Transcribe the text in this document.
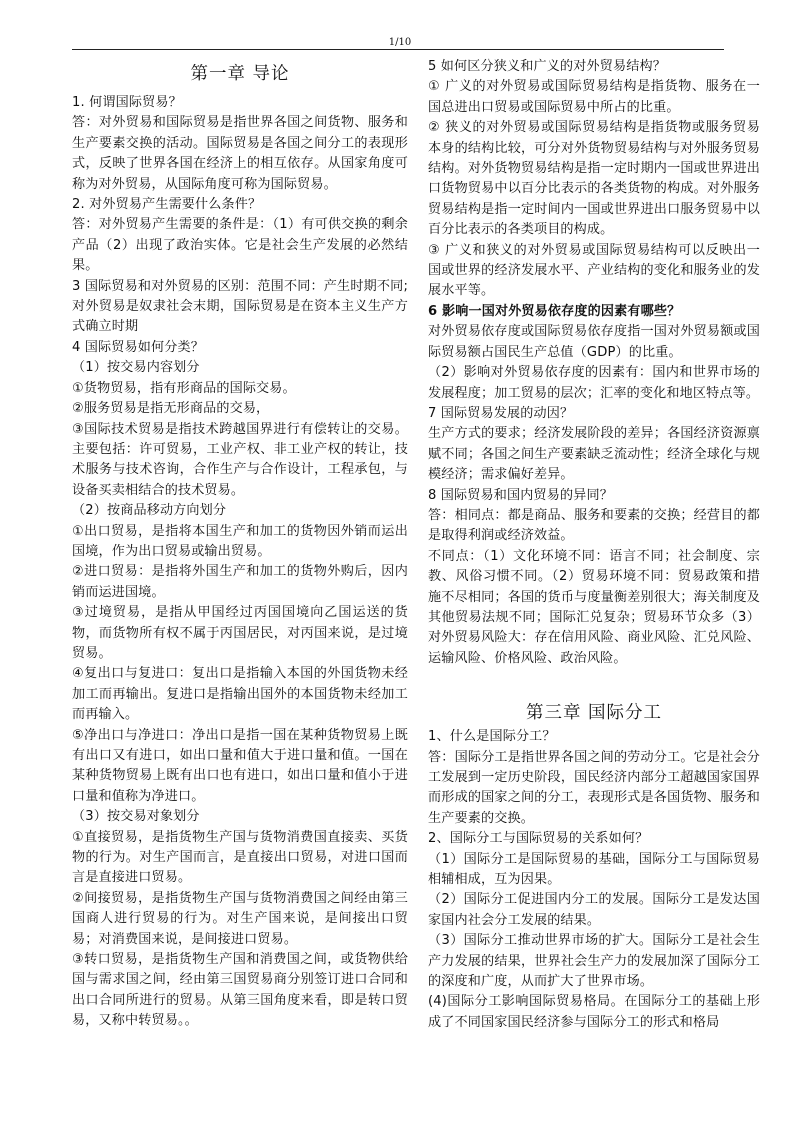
1/10
第一章 导论

1. 何谓国际贸易？

答：对外贸易和国际贸易是指世界各国之间货物、服务和生产要素交换的活动。国际贸易是各国之间分工的表现形式，反映了世界各国在经济上的相互依存。从国家角度可称为对外贸易，从国际角度可称为国际贸易。

2. 对外贸易产生需要什么条件？

答：对外贸易产生需要的条件是：（1）有可供交换的剩余产品（2）出现了政治实体。它是社会生产发展的必然结果。

3 国际贸易和对外贸易的区别：范围不同：产生时期不同;对外贸易是奴隶社会末期，国际贸易是在资本主义生产方式确立时期

4 国际贸易如何分类？

（1）按交易内容划分

①货物贸易，指有形商品的国际交易。

②服务贸易是指无形商品的交易，

③国际技术贸易是指技术跨越国界进行有偿转让的交易。主要包括：许可贸易，工业产权、非工业产权的转让，技术服务与技术咨询，合作生产与合作设计，工程承包，与设备买卖相结合的技术贸易。

（2）按商品移动方向划分

①出口贸易，是指将本国生产和加工的货物因外销而运出国境，作为出口贸易或输出贸易。

②进口贸易：是指将外国生产和加工的货物外购后，因内销而运进国境。

③过境贸易，是指从甲国经过丙国国境向乙国运送的货物，而货物所有权不属于丙国居民，对丙国来说，是过境贸易。

④复出口与复进口：复出口是指输入本国的外国货物未经加工而再输出。复进口是指输出国外的本国货物未经加工而再输入。

⑤净出口与净进口：净出口是指一国在某种货物贸易上既有出口又有进口，如出口量和值大于进口量和值。一国在某种货物贸易上既有出口也有进口，如出口量和值小于进口量和值称为净进口。

（3）按交易对象划分

①直接贸易，是指货物生产国与货物消费国直接卖、买货物的行为。对生产国而言，是直接出口贸易，对进口国而言是直接进口贸易。

②间接贸易，是指货物生产国与货物消费国之间经由第三国商人进行贸易的行为。对生产国来说，是间接出口贸易；对消费国来说，是间接进口贸易。

③转口贸易，是指货物生产国和消费国之间，或货物供给国与需求国之间，经由第三国贸易商分别签订进口合同和出口合同所进行的贸易。从第三国角度来看，即是转口贸易，又称中转贸易。。

5 如何区分狭义和广义的对外贸易结构？

① 广义的对外贸易或国际贸易结构是指货物、服务在一国总进出口贸易或国际贸易中所占的比重。

② 狭义的对外贸易或国际贸易结构是指货物或服务贸易本身的结构比较，可分对外货物贸易结构与对外服务贸易结构。对外货物贸易结构是指一定时期内一国或世界进出口货物贸易中以百分比表示的各类货物的构成。对外服务贸易结构是指一定时间内一国或世界进出口服务贸易中以百分比表示的各类项目的构成。

③ 广义和狭义的对外贸易或国际贸易结构可以反映出一国或世界的经济发展水平、产业结构的变化和服务业的发展水平等。

6 影响一国对外贸易依存度的因素有哪些？

对外贸易依存度或国际贸易依存度指一国对外贸易额或国际贸易额占国民生产总值（GDP）的比重。

（2）影响对外贸易依存度的因素有：国内和世界市场的发展程度；加工贸易的层次；汇率的变化和地区特点等。

7 国际贸易发展的动因？

生产方式的要求；经济发展阶段的差异；各国经济资源禀赋不同；各国之间生产要素缺乏流动性；经济全球化与规模经济；需求偏好差异。

8 国际贸易和国内贸易的异同？

答：相同点：都是商品、服务和要素的交换；经营目的都是取得利润或经济效益。

不同点：（1）文化环境不同：语言不同；社会制度、宗教、风俗习惯不同。（2）贸易环境不同：贸易政策和措施不尽相同；各国的货币与度量衡差别很大；海关制度及其他贸易法规不同；国际汇兑复杂；贸易环节众多（3）对外贸易风险大：存在信用风险、商业风险、汇兑风险、运输风险、价格风险、政治风险。

第三章 国际分工

1、什么是国际分工？

答：国际分工是指世界各国之间的劳动分工。它是社会分工发展到一定历史阶段，国民经济内部分工超越国家国界而形成的国家之间的分工，表现形式是各国货物、服务和生产要素的交换。

2、国际分工与国际贸易的关系如何？

（1）国际分工是国际贸易的基础，国际分工与国际贸易相辅相成，互为因果。

（2）国际分工促进国内分工的发展。国际分工是发达国家国内社会分工发展的结果。

（3）国际分工推动世界市场的扩大。国际分工是社会生产力发展的结果，世界社会生产力的发展加深了国际分工的深度和广度，从而扩大了世界市场。

(4)国际分工影响国际贸易格局。在国际分工的基础上形成了不同国家国民经济参与国际分工的形式和格局
